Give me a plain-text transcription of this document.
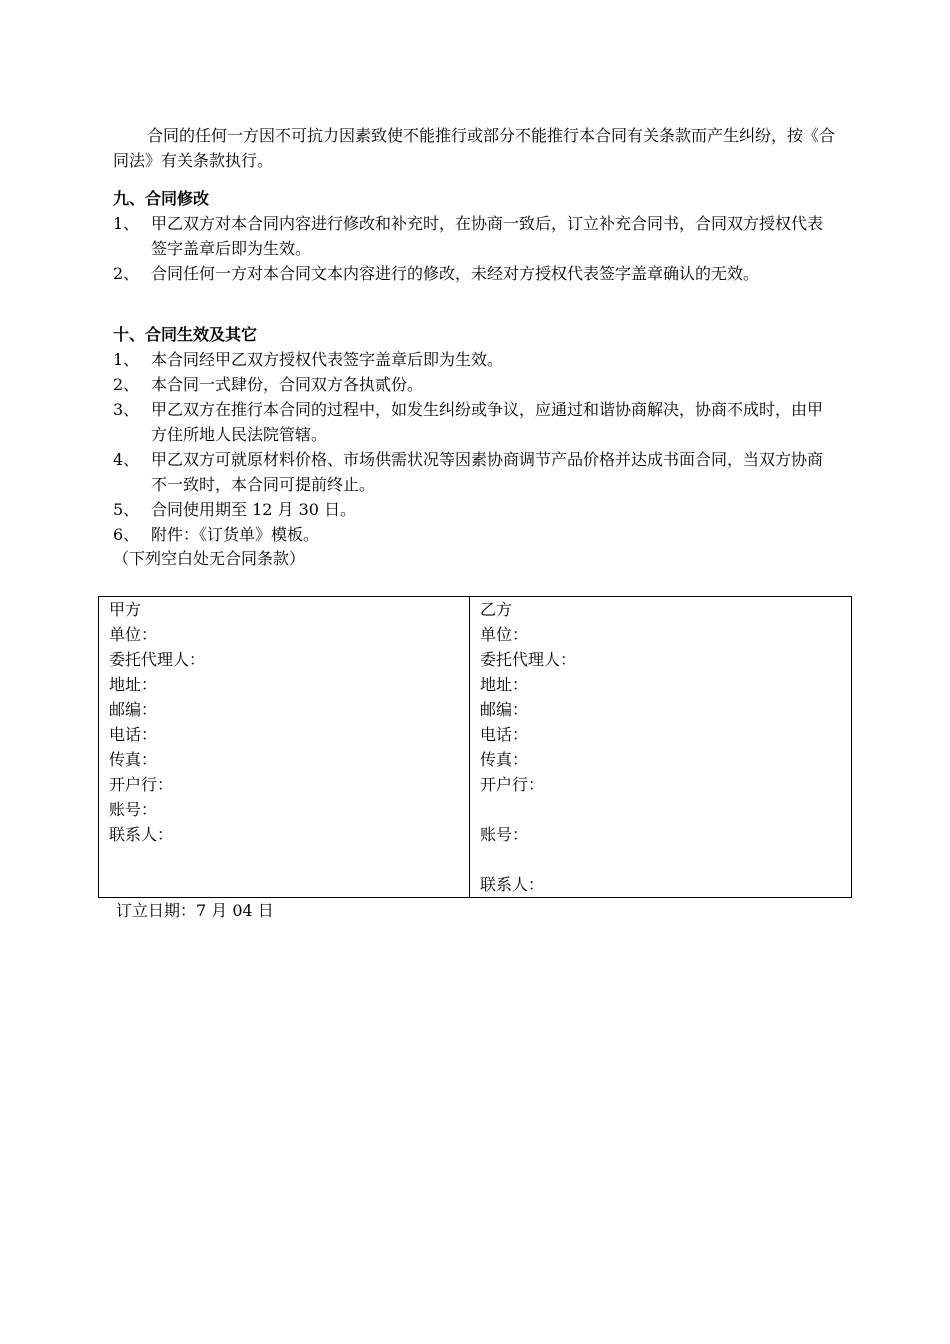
合同的任何一方因不可抗力因素致使不能推行或部分不能推行本合同有关条款而产生纠纷，按《合同法》有关条款执行。
九、合同修改
1、 甲乙双方对本合同内容进行修改和补充时，在协商一致后，订立补充合同书，合同双方授权代表签字盖章后即为生效。
2、 合同任何一方对本合同文本内容进行的修改，未经对方授权代表签字盖章确认的无效。
十、合同生效及其它
1、 本合同经甲乙双方授权代表签字盖章后即为生效。
2、 本合同一式肆份，合同双方各执贰份。
3、 甲乙双方在推行本合同的过程中，如发生纠纷或争议，应通过和谐协商解决，协商不成时，由甲方住所地人民法院管辖。
4、 甲乙双方可就原材料价格、市场供需状况等因素协商调节产品价格并达成书面合同，当双方协商不一致时，本合同可提前终止。
5、 合同使用期至 12 月 30 日。
6、 附件：《订货单》模板。
（下列空白处无合同条款）
甲方
单位：
委托代理人：
地址：
邮编：
电话：
传真：
开户行：
账号：
联系人：

乙方
单位：
委托代理人：
地址：
邮编：
电话：
传真：
开户行：
账号：
联系人：
订立日期：7 月 04 日
